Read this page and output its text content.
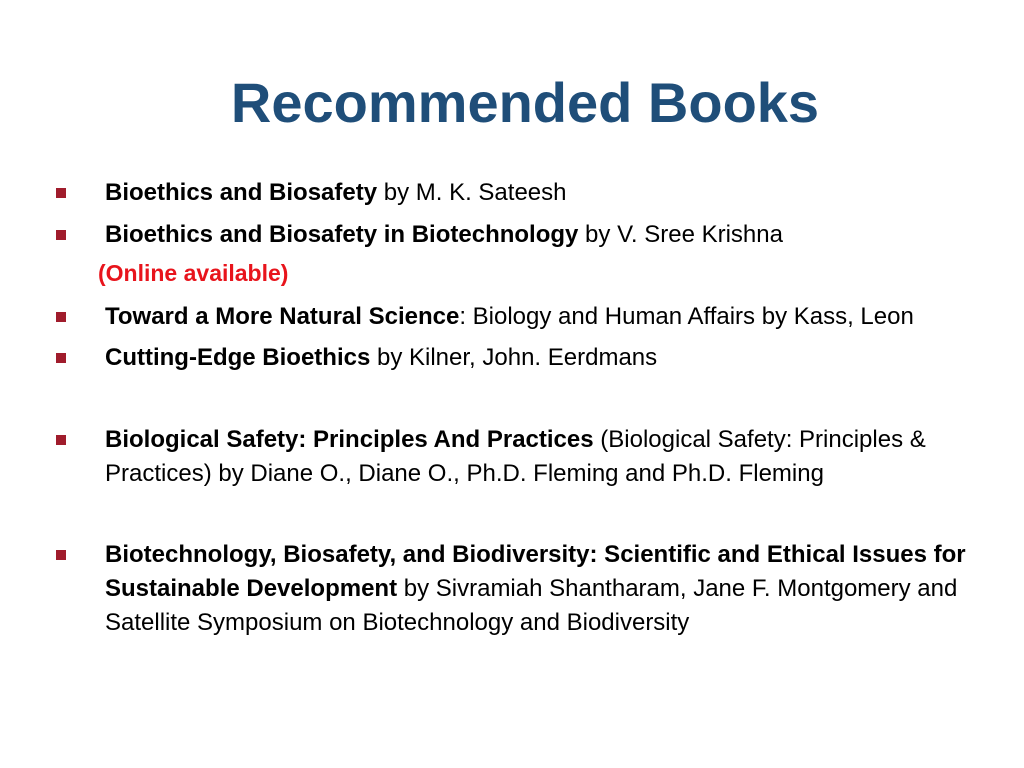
Recommended Books
Bioethics and Biosafety by M. K. Sateesh
Bioethics and Biosafety in Biotechnology by V. Sree Krishna
(Online available)
Toward a More Natural Science: Biology and Human Affairs by Kass, Leon
Cutting-Edge Bioethics by Kilner, John. Eerdmans
Biological Safety: Principles And Practices (Biological Safety: Principles & Practices) by Diane O., Diane O., Ph.D. Fleming and Ph.D. Fleming
Biotechnology, Biosafety, and Biodiversity: Scientific and Ethical Issues for Sustainable Development by Sivramiah Shantharam, Jane F. Montgomery and Satellite Symposium on Biotechnology and Biodiversity
